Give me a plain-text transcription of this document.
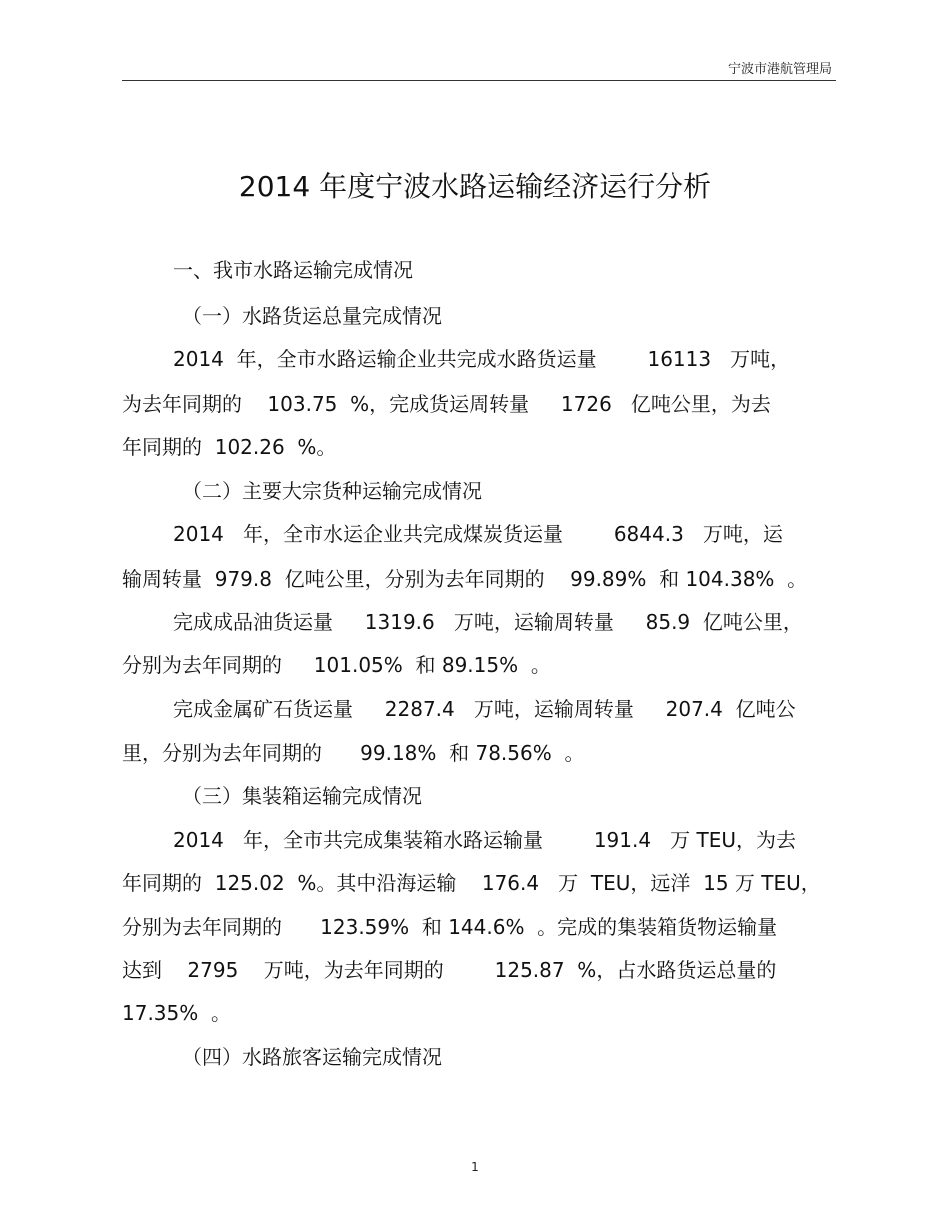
宁波市港航管理局
2014 年度宁波水路运输经济运行分析
一、我市水路运输完成情况
（一）水路货运总量完成情况
2014  年，全市水路运输企业共完成水路货运量        16113   万吨，
为去年同期的    103.75  %，完成货运周转量     1726   亿吨公里，为去
年同期的  102.26  %。
（二）主要大宗货种运输完成情况
2014   年，全市水运企业共完成煤炭货运量        6844.3   万吨，运
输周转量  979.8  亿吨公里，分别为去年同期的    99.89%  和 104.38%  。
完成成品油货运量     1319.6   万吨，运输周转量     85.9  亿吨公里，
分别为去年同期的     101.05%  和 89.15%  。
完成金属矿石货运量     2287.4   万吨，运输周转量     207.4  亿吨公
里，分别为去年同期的      99.18%  和 78.56%  。
（三）集装箱运输完成情况
2014   年，全市共完成集装箱水路运输量        191.4   万 TEU，为去
年同期的  125.02  %。其中沿海运输    176.4   万  TEU，远洋  15 万 TEU，
分别为去年同期的      123.59%  和 144.6%  。完成的集装箱货物运输量
达到    2795    万吨，为去年同期的        125.87  %，占水路货运总量的
17.35%  。
（四）水路旅客运输完成情况
1
